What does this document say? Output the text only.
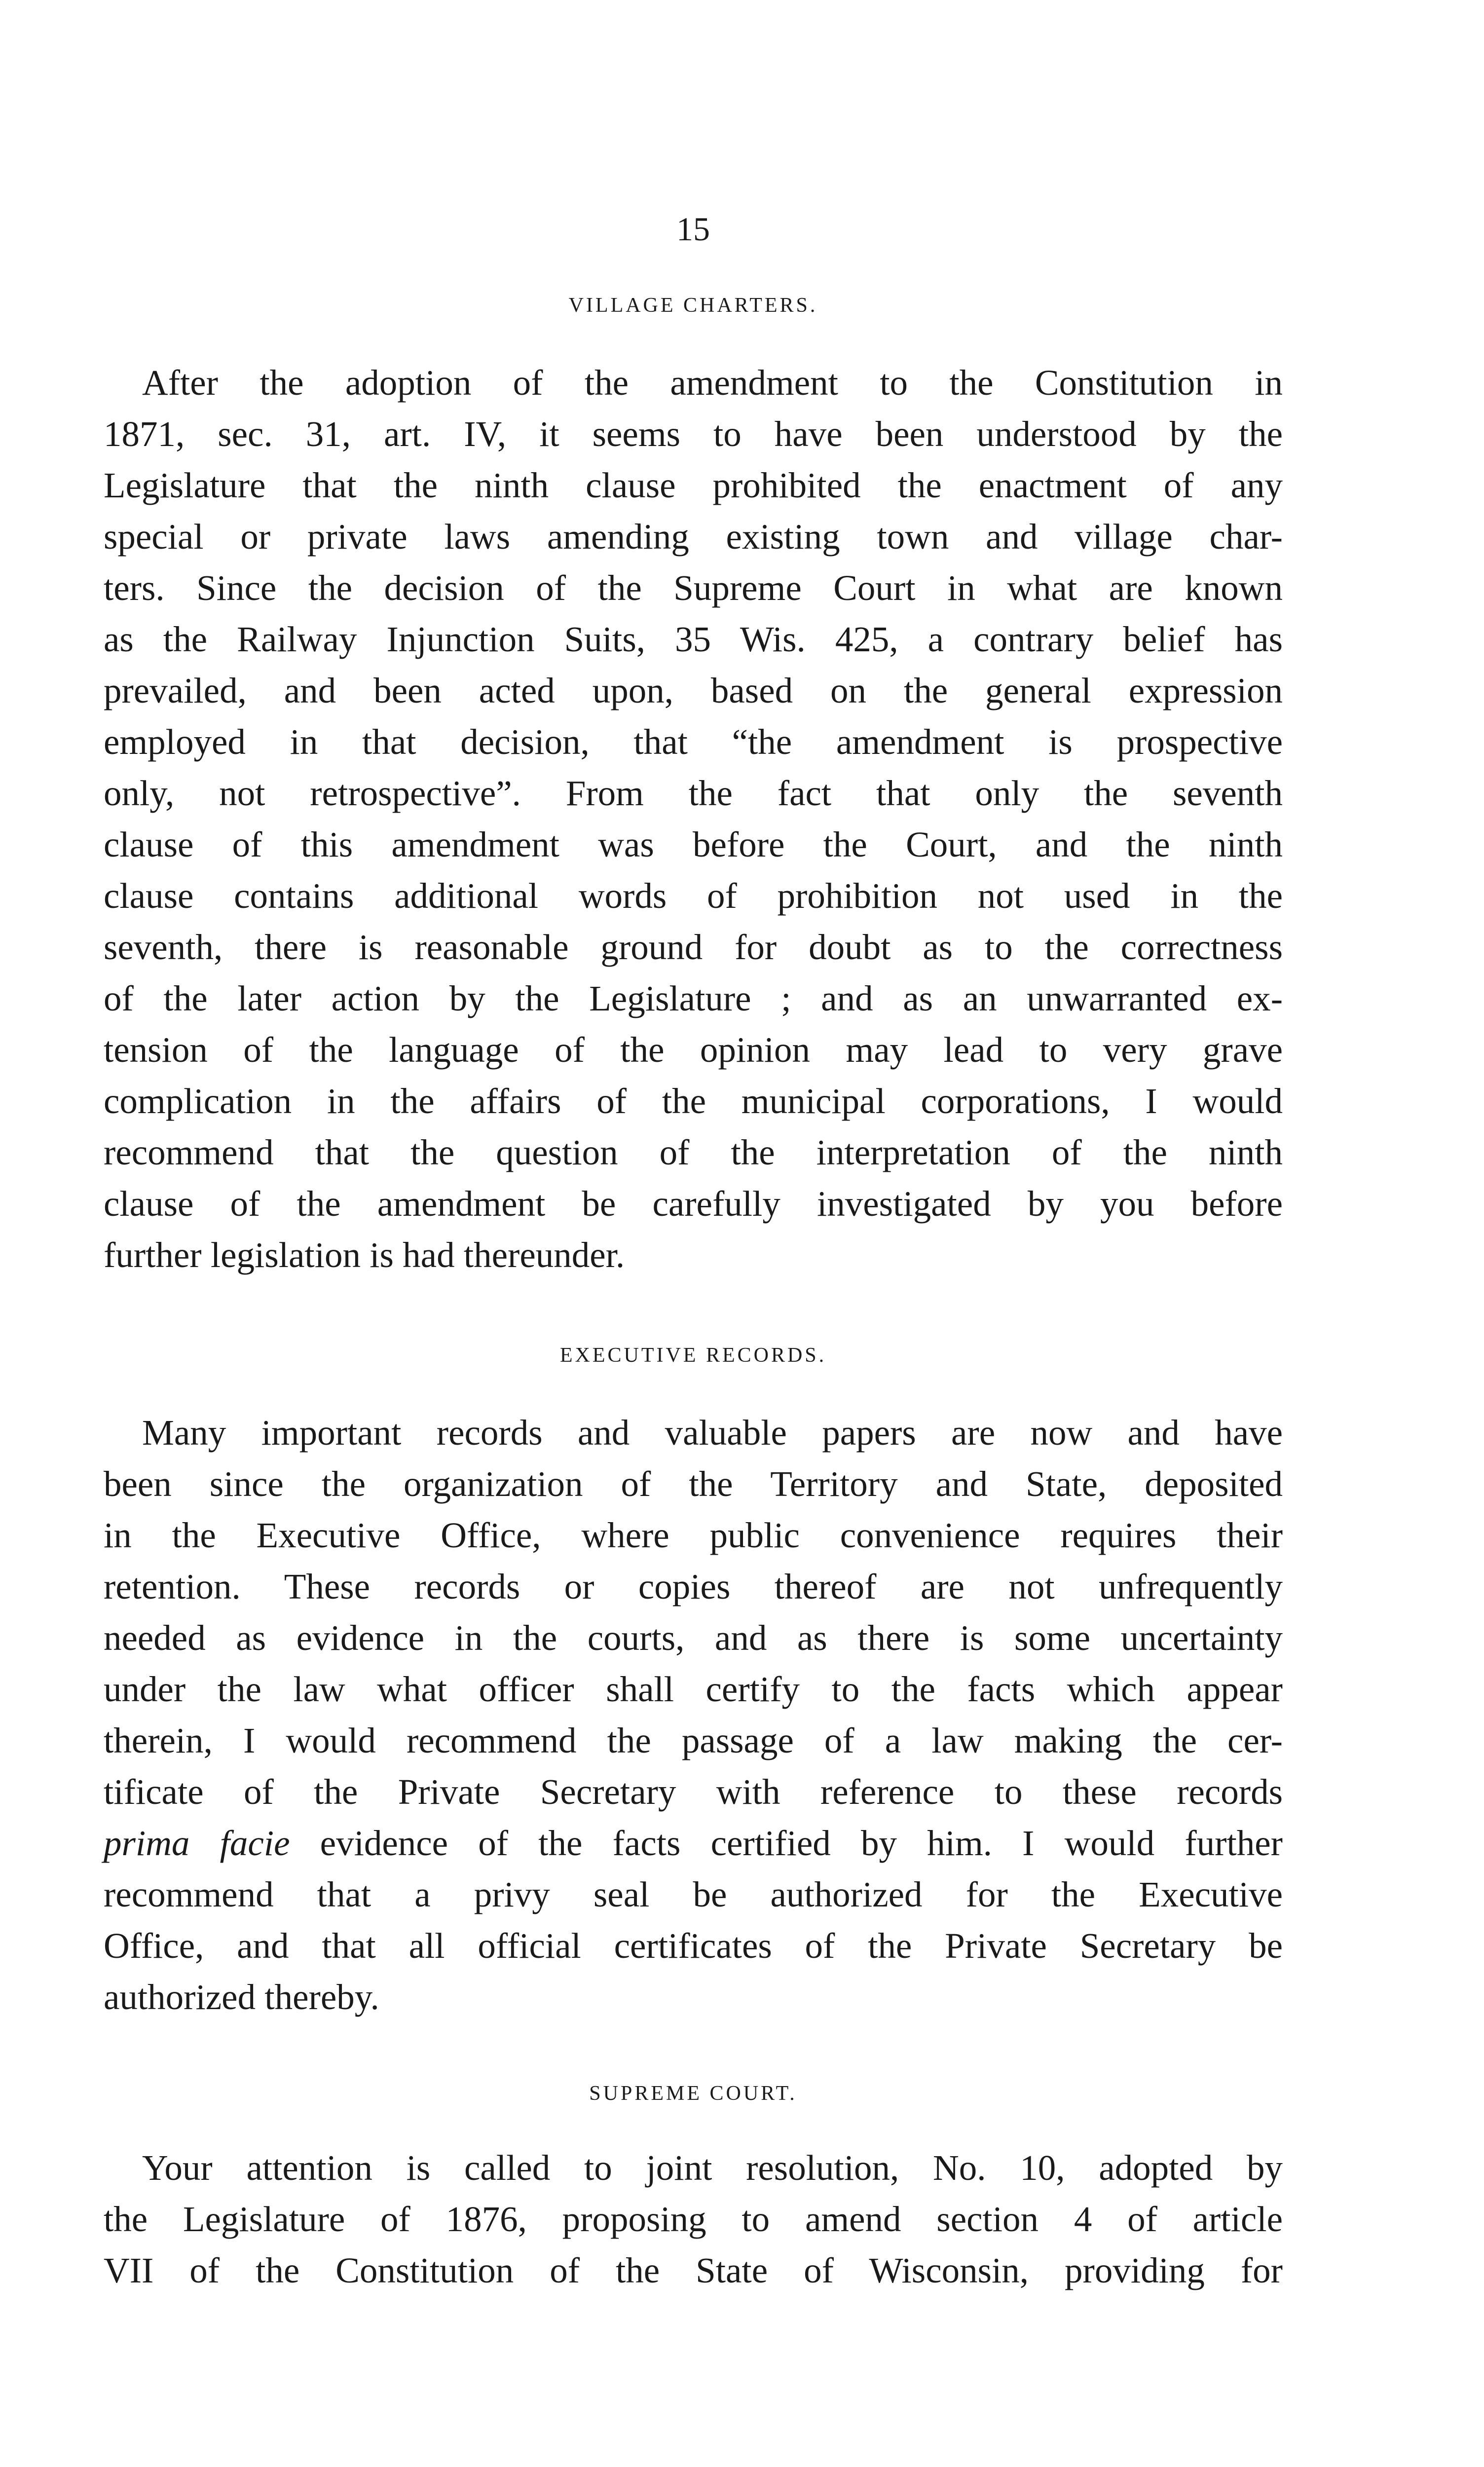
15
VILLAGE CHARTERS.
After the adoption of the amendment to the Constitution in
1871, sec. 31, art. IV, it seems to have been understood by the
Legislature that the ninth clause prohibited the enactment of any
special or private laws amending existing town and village char-
ters. Since the decision of the Supreme Court in what are known
as the Railway Injunction Suits, 35 Wis. 425, a contrary belief has
prevailed, and been acted upon, based on the general expression
employed in that decision, that “the amendment is prospective
only, not retrospective”. From the fact that only the seventh
clause of this amendment was before the Court, and the ninth
clause contains additional words of prohibition not used in the
seventh, there is reasonable ground for doubt as to the correctness
of the later action by the Legislature ; and as an unwarranted ex-
tension of the language of the opinion may lead to very grave
complication in the affairs of the municipal corporations, I would
recommend that the question of the interpretation of the ninth
clause of the amendment be carefully investigated by you before
further legislation is had thereunder.
EXECUTIVE RECORDS.
Many important records and valuable papers are now and have
been since the organization of the Territory and State, deposited
in the Executive Office, where public convenience requires their
retention. These records or copies thereof are not unfrequently
needed as evidence in the courts, and as there is some uncertainty
under the law what officer shall certify to the facts which appear
therein, I would recommend the passage of a law making the cer-
tificate of the Private Secretary with reference to these records
prima facie evidence of the facts certified by him. I would further
recommend that a privy seal be authorized for the Executive
Office, and that all official certificates of the Private Secretary be
authorized thereby.
SUPREME COURT.
Your attention is called to joint resolution, No. 10, adopted by
the Legislature of 1876, proposing to amend section 4 of article
VII of the Constitution of the State of Wisconsin, providing for
